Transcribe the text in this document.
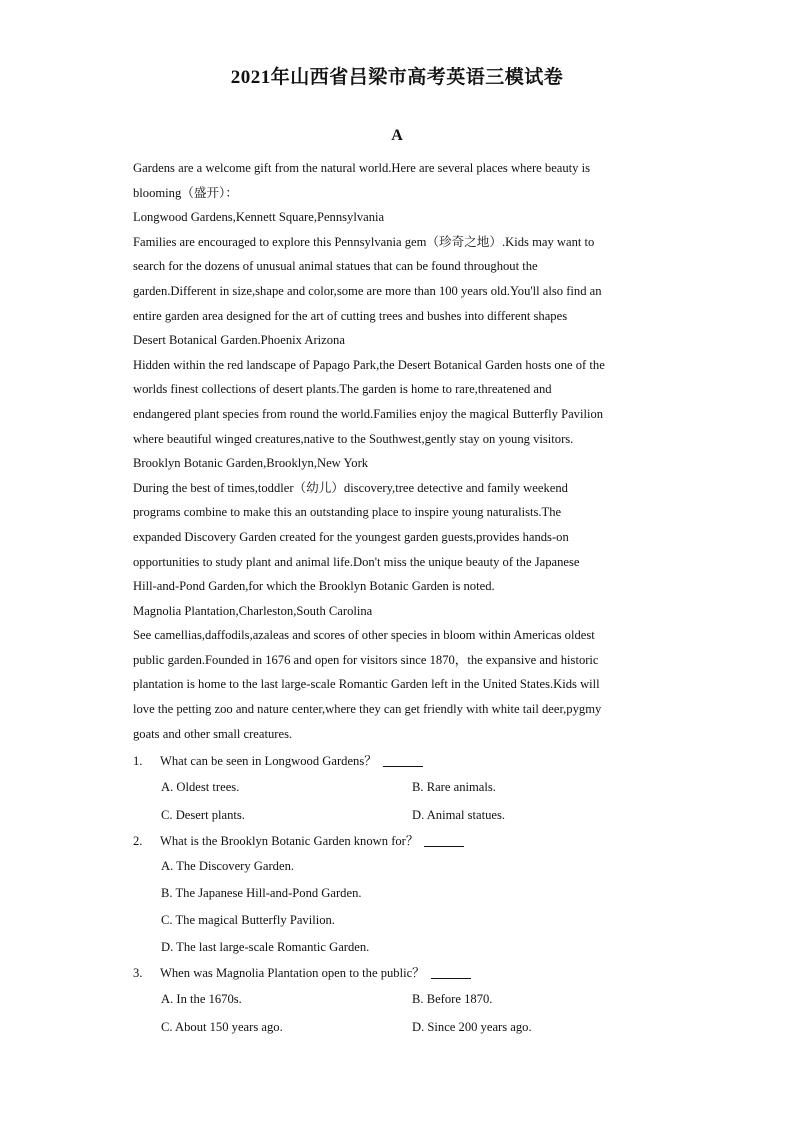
2021年山西省吕梁市高考英语三模试卷
A
Gardens are a welcome gift from the natural world.Here are several places where beauty is
blooming（盛开）：
Longwood Gardens,Kennett Square,Pennsylvania
Families are encouraged to explore this Pennsylvania gem（珍奇之地）.Kids may want to
search for the dozens of unusual animal statues that can be found throughout the
garden.Different in size,shape and color,some are more than 100 years old.You'll also find an
entire garden area designed for the art of cutting trees and bushes into different shapes
Desert Botanical Garden.Phoenix Arizona
Hidden within the red landscape of Papago Park,the Desert Botanical Garden hosts one of the
worlds finest collections of desert plants.The garden is home to rare,threatened and
endangered plant species from round the world.Families enjoy the magical Butterfly Pavilion
where beautiful winged creatures,native to the Southwest,gently stay on young visitors.
Brooklyn Botanic Garden,Brooklyn,New York
During the best of times,toddler（幼儿）discovery,tree detective and family weekend
programs combine to make this an outstanding place to inspire young naturalists.The
expanded Discovery Garden created for the youngest garden guests,provides hands-on
opportunities to study plant and animal life.Don't miss the unique beauty of the Japanese
Hill-and-Pond Garden,for which the Brooklyn Botanic Garden is noted.
Magnolia Plantation,Charleston,South Carolina
See camellias,daffodils,azaleas and scores of other species in bloom within Americas oldest
public garden.Founded in 1676 and open for visitors since 1870，the expansive and historic
plantation is home to the last large-scale Romantic Garden left in the United States.Kids will
love the petting zoo and nature center,where they can get friendly with white tail deer,pygmy
goats and other small creatures.
1. What can be seen in Longwood Gardens？
A. Oldest trees.	B. Rare animals.
C. Desert plants.	D. Animal statues.
2. What is the Brooklyn Botanic Garden known for？
A. The Discovery Garden.
B. The Japanese Hill-and-Pond Garden.
C. The magical Butterfly Pavilion.
D. The last large-scale Romantic Garden.
3. When was Magnolia Plantation open to the public？
A. In the 1670s.	B. Before 1870.
C. About 150 years ago.	D. Since 200 years ago.
